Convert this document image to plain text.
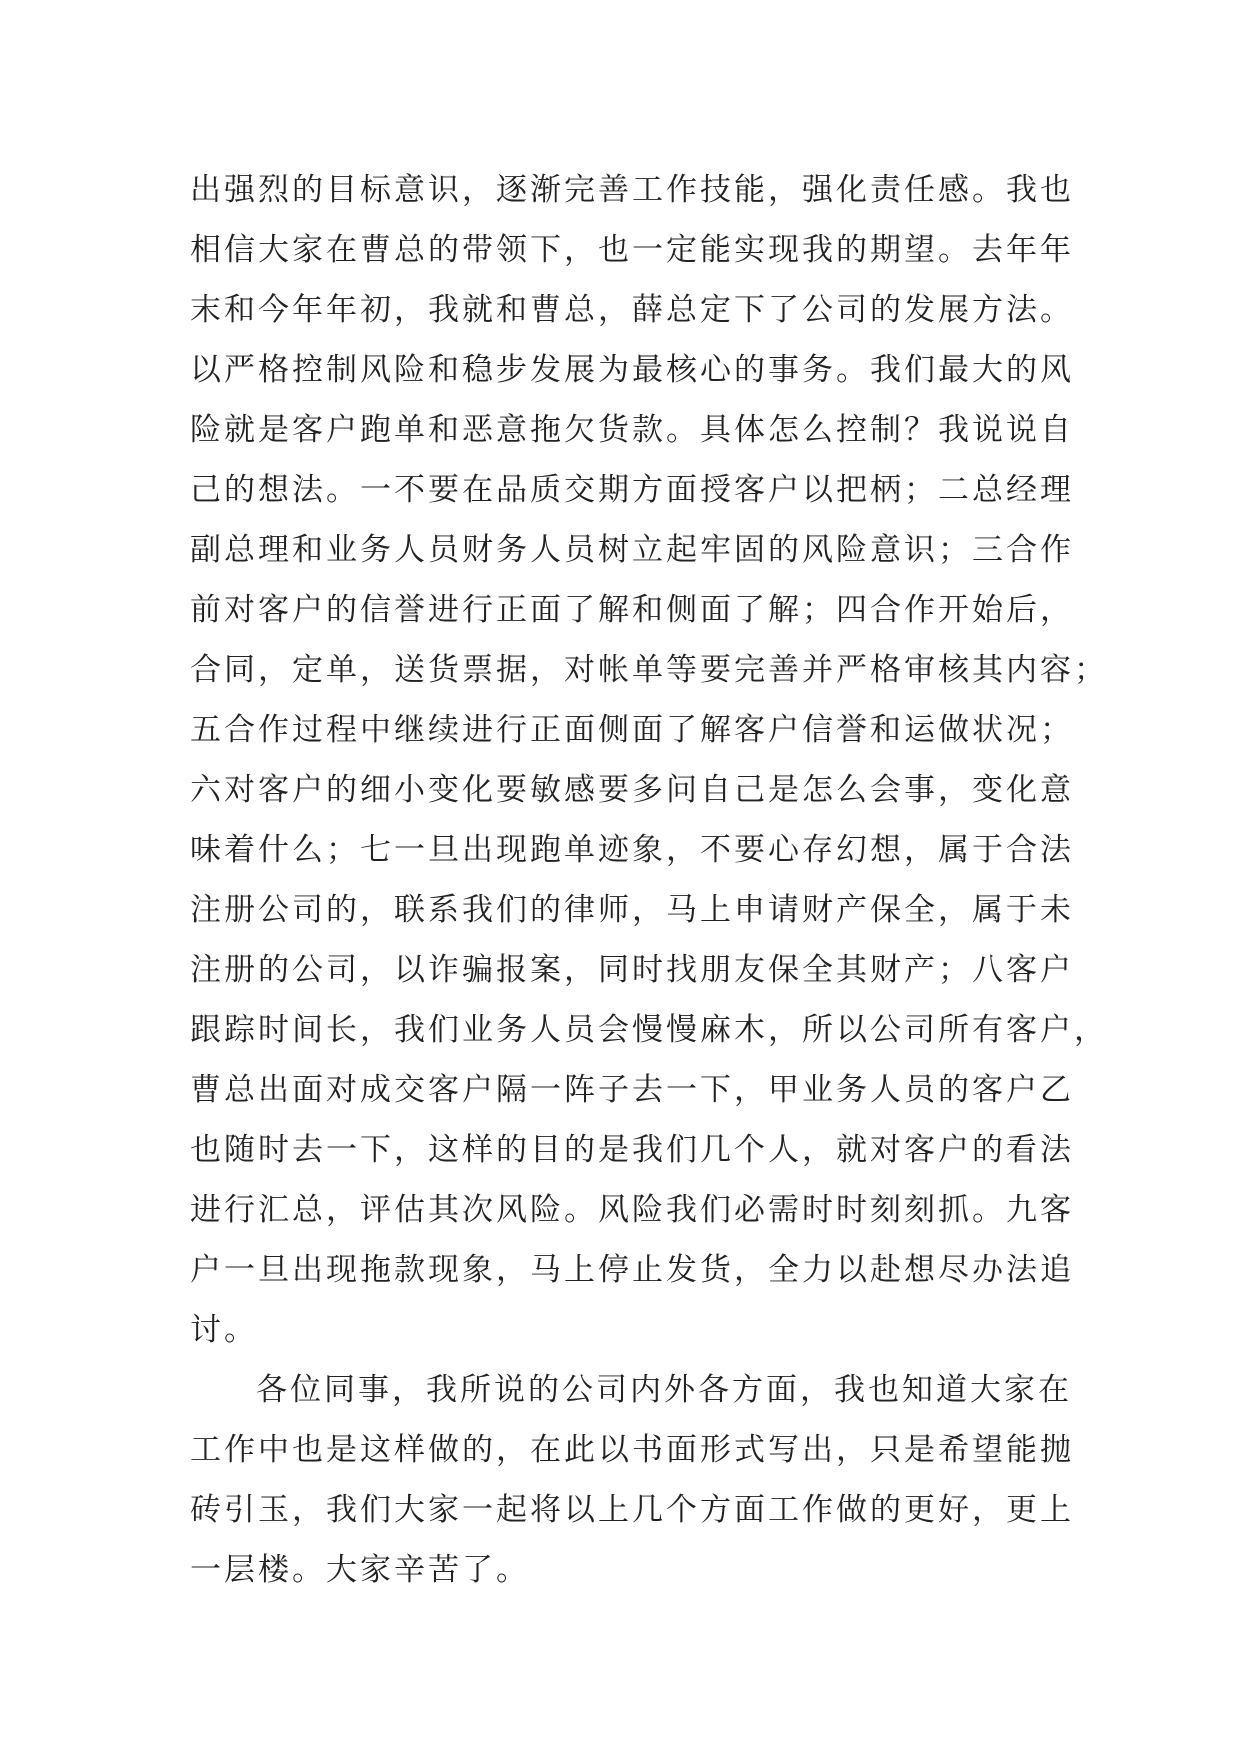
出强烈的目标意识，逐渐完善工作技能，强化责任感。我也
相信大家在曹总的带领下，也一定能实现我的期望。去年年
末和今年年初，我就和曹总，薛总定下了公司的发展方法。
以严格控制风险和稳步发展为最核心的事务。我们最大的风
险就是客户跑单和恶意拖欠货款。具体怎么控制？我说说自
己的想法。一不要在品质交期方面授客户以把柄；二总经理
副总理和业务人员财务人员树立起牢固的风险意识；三合作
前对客户的信誉进行正面了解和侧面了解；四合作开始后，
合同，定单，送货票据，对帐单等要完善并严格审核其内容；
五合作过程中继续进行正面侧面了解客户信誉和运做状况；
六对客户的细小变化要敏感要多问自己是怎么会事，变化意
味着什么；七一旦出现跑单迹象，不要心存幻想，属于合法
注册公司的，联系我们的律师，马上申请财产保全，属于未
注册的公司，以诈骗报案，同时找朋友保全其财产；八客户
跟踪时间长，我们业务人员会慢慢麻木，所以公司所有客户，
曹总出面对成交客户隔一阵子去一下，甲业务人员的客户乙
也随时去一下，这样的目的是我们几个人，就对客户的看法
进行汇总，评估其次风险。风险我们必需时时刻刻抓。九客
户一旦出现拖款现象，马上停止发货，全力以赴想尽办法追
讨。
各位同事，我所说的公司内外各方面，我也知道大家在
工作中也是这样做的，在此以书面形式写出，只是希望能抛
砖引玉，我们大家一起将以上几个方面工作做的更好，更上
一层楼。大家辛苦了。
